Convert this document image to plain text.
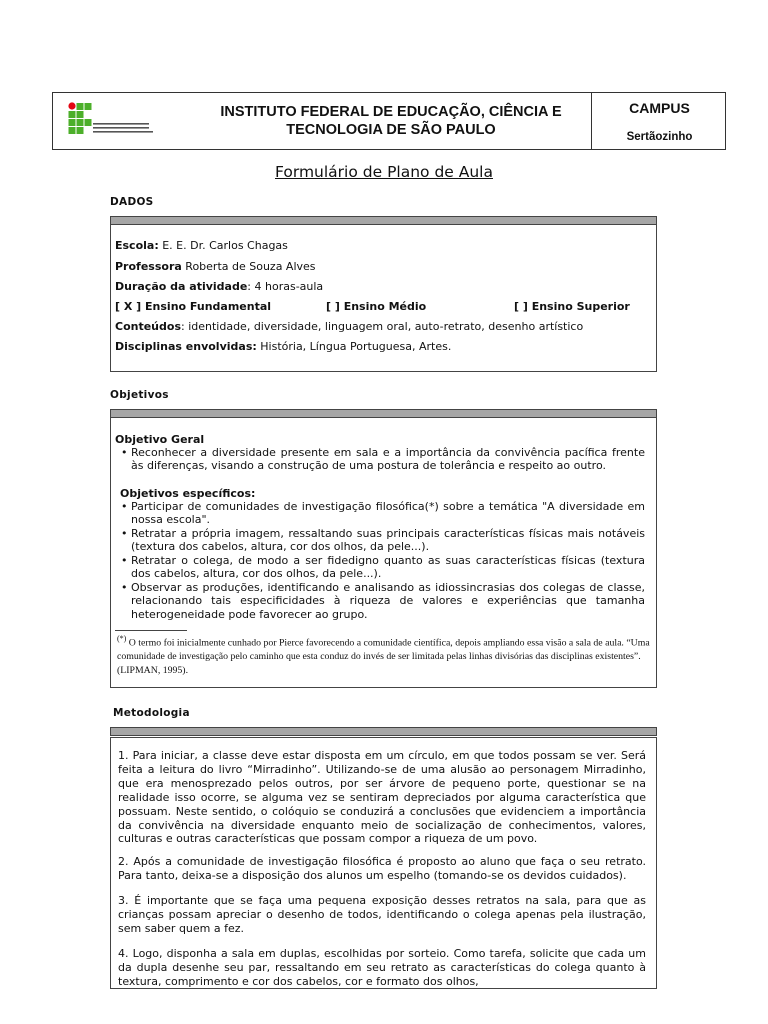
INSTITUTO FEDERAL DE EDUCAÇÃO, CIÊNCIA E
TECNOLOGIA DE SÃO PAULO
CAMPUS
Sertãozinho
Formulário de Plano de Aula
DADOS
Escola: E. E. Dr. Carlos Chagas
Professora Roberta de Souza Alves
Duração da atividade: 4 horas-aula
[ X ] Ensino Fundamental	[ ] Ensino Médio	[ ] Ensino Superior
Conteúdos: identidade, diversidade, linguagem oral, auto-retrato, desenho artístico
Disciplinas envolvidas: História, Língua Portuguesa, Artes.
Objetivos
Objetivo Geral
• Reconhecer a diversidade presente em sala e a importância da convivência pacífica frente às diferenças, visando a construção de uma postura de tolerância e respeito ao outro.
Objetivos específicos:
• Participar de comunidades de investigação filosófica(*) sobre a temática "A diversidade em nossa escola".
• Retratar a própria imagem, ressaltando suas principais características físicas mais notáveis (textura dos cabelos, altura, cor dos olhos, da pele...).
• Retratar o colega, de modo a ser fidedigno quanto as suas características físicas (textura dos cabelos, altura, cor dos olhos, da pele...).
• Observar as produções, identificando e analisando as idiossincrasias dos colegas de classe, relacionando tais especificidades à riqueza de valores e experiências que tamanha heterogeneidade pode favorecer ao grupo.
(*) O termo foi inicialmente cunhado por Pierce favorecendo a comunidade científica, depois ampliando essa visão a sala de aula. “Uma comunidade de investigação pelo caminho que esta conduz do invés de ser limitada pelas linhas divisórias das disciplinas existentes”. (LIPMAN, 1995).
Metodologia
1. Para iniciar, a classe deve estar disposta em um círculo, em que todos possam se ver. Será feita a leitura do livro “Mirradinho”. Utilizando-se de uma alusão ao personagem Mirradinho, que era menosprezado pelos outros, por ser árvore de pequeno porte, questionar se na realidade isso ocorre, se alguma vez se sentiram depreciados por alguma característica que possuam. Neste sentido, o colóquio se conduzirá a conclusões que evidenciem a importância da convivência na diversidade enquanto meio de socialização de conhecimentos, valores, culturas e outras características que possam compor a riqueza de um povo.
2. Após a comunidade de investigação filosófica é proposto ao aluno que faça o seu retrato. Para tanto, deixa-se a disposição dos alunos um espelho (tomando-se os devidos cuidados).
3. É importante que se faça uma pequena exposição desses retratos na sala, para que as crianças possam apreciar o desenho de todos, identificando o colega apenas pela ilustração, sem saber quem a fez.
4. Logo, disponha a sala em duplas, escolhidas por sorteio. Como tarefa, solicite que cada um da dupla desenhe seu par, ressaltando em seu retrato as características do colega quanto à textura, comprimento e cor dos cabelos, cor e formato dos olhos,
